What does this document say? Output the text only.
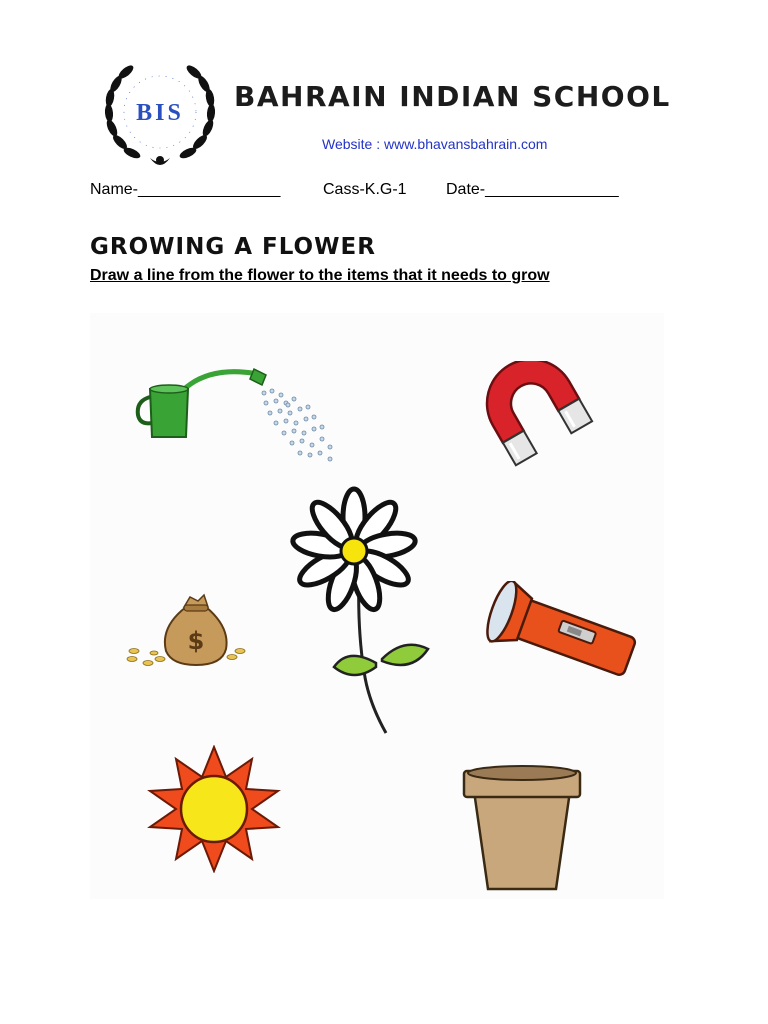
BIS BAHRAIN INDIAN SCHOOL
Website : www.bhavansbahrain.com
Name-________________	Cass-K.G-1 Date-_______________
GROWING A FLOWER
Draw a line from the flower to the items that it needs to grow
$
